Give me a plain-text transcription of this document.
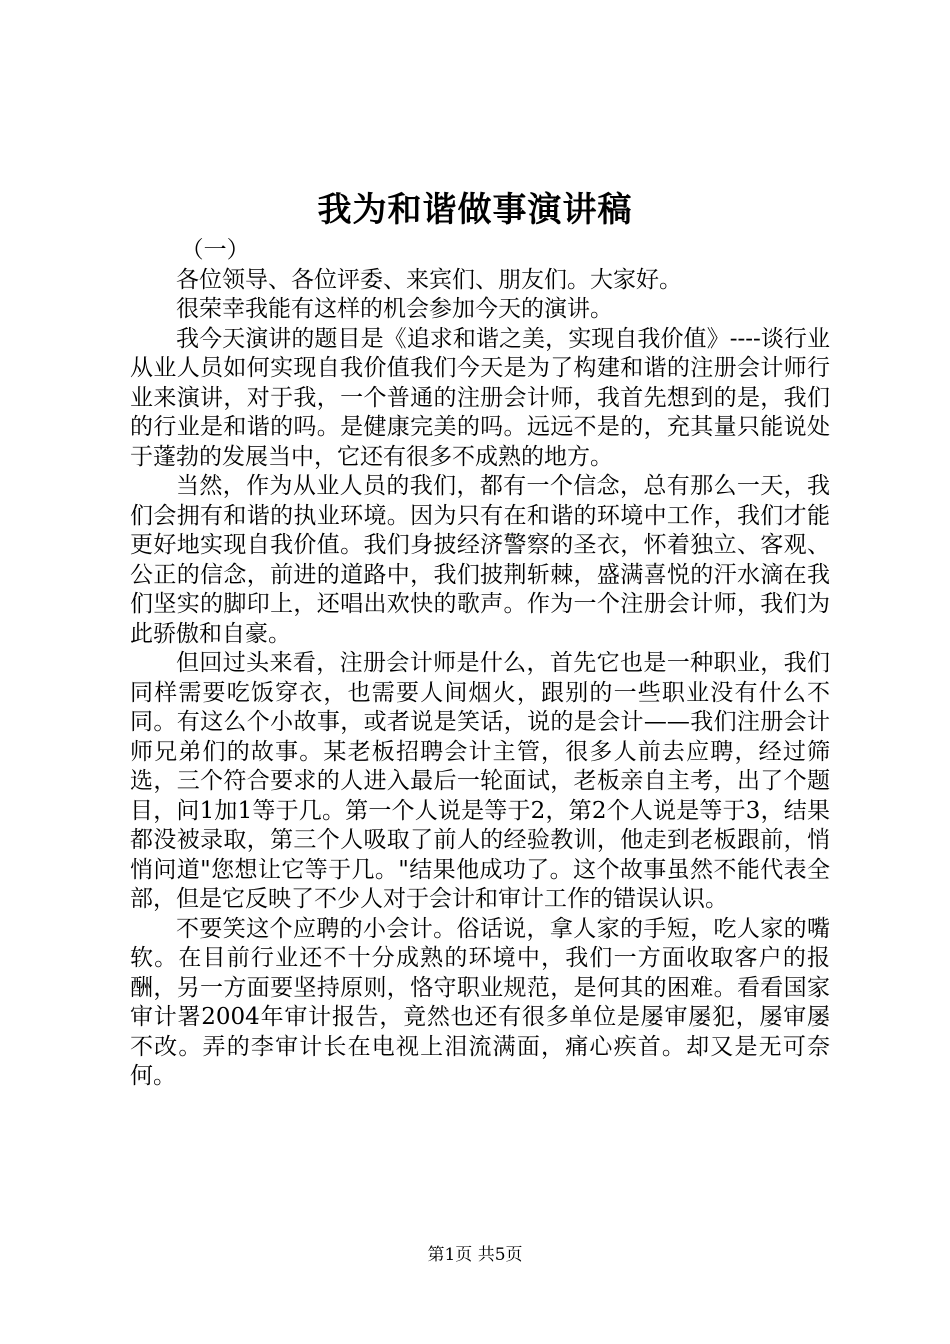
我为和谐做事演讲稿

（一）

各位领导、各位评委、来宾们、朋友们。大家好。

很荣幸我能有这样的机会参加今天的演讲。

我今天演讲的题目是《追求和谐之美，实现自我价值》----谈行业从业人员如何实现自我价值我们今天是为了构建和谐的注册会计师行业来演讲，对于我，一个普通的注册会计师，我首先想到的是，我们的行业是和谐的吗。是健康完美的吗。远远不是的，充其量只能说处于蓬勃的发展当中，它还有很多不成熟的地方。

当然，作为从业人员的我们，都有一个信念，总有那么一天，我们会拥有和谐的执业环境。因为只有在和谐的环境中工作，我们才能更好地实现自我价值。我们身披经济警察的圣衣，怀着独立、客观、公正的信念，前进的道路中，我们披荆斩棘，盛满喜悦的汗水滴在我们坚实的脚印上，还唱出欢快的歌声。作为一个注册会计师，我们为此骄傲和自豪。

但回过头来看，注册会计师是什么，首先它也是一种职业，我们同样需要吃饭穿衣，也需要人间烟火，跟别的一些职业没有什么不同。有这么个小故事，或者说是笑话，说的是会计——我们注册会计师兄弟们的故事。某老板招聘会计主管，很多人前去应聘，经过筛选，三个符合要求的人进入最后一轮面试，老板亲自主考，出了个题目，问1加1等于几。第一个人说是等于2，第2个人说是等于3，结果都没被录取，第三个人吸取了前人的经验教训，他走到老板跟前，悄悄问道"您想让它等于几。"结果他成功了。这个故事虽然不能代表全部，但是它反映了不少人对于会计和审计工作的错误认识。

不要笑这个应聘的小会计。俗话说，拿人家的手短，吃人家的嘴软。在目前行业还不十分成熟的环境中，我们一方面收取客户的报酬，另一方面要坚持原则，恪守职业规范，是何其的困难。看看国家审计署2004年审计报告，竟然也还有很多单位是屡审屡犯，屡审屡不改。弄的李审计长在电视上泪流满面，痛心疾首。却又是无可奈何。

第1页 共5页
